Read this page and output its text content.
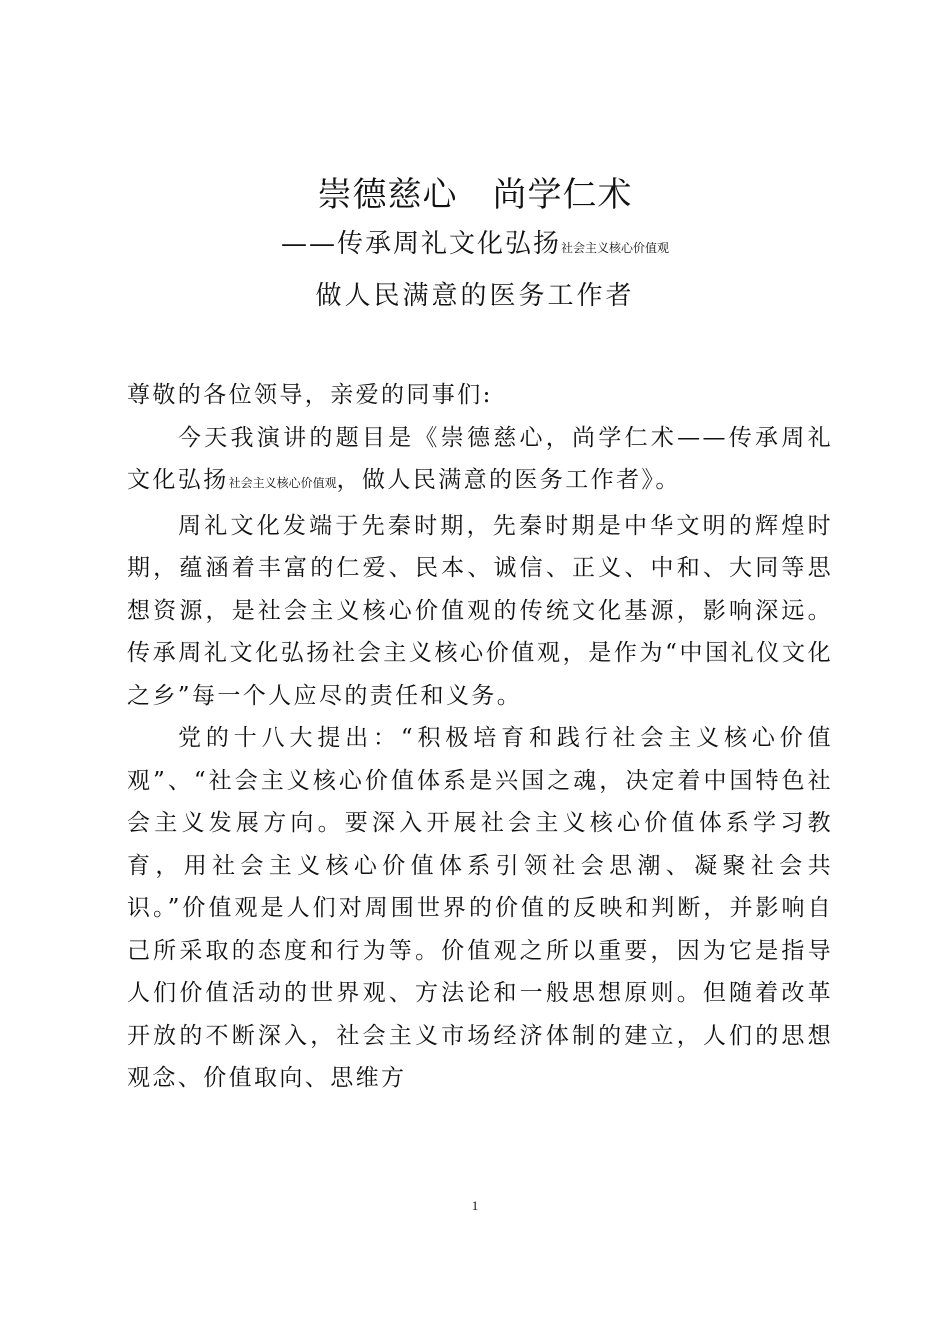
崇德慈心　尚学仁术
——传承周礼文化弘扬社会主义核心价值观
做人民满意的医务工作者

尊敬的各位领导，亲爱的同事们:

今天我演讲的题目是《崇德慈心，尚学仁术——传承周礼文化弘扬社会主义核心价值观，做人民满意的医务工作者》。

周礼文化发端于先秦时期，先秦时期是中华文明的辉煌时期，蕴涵着丰富的仁爱、民本、诚信、正义、中和、大同等思想资源，是社会主义核心价值观的传统文化基源，影响深远。传承周礼文化弘扬社会主义核心价值观，是作为“中国礼仪文化之乡”每一个人应尽的责任和义务。

党的十八大提出：“积极培育和践行社会主义核心价值观”、“社会主义核心价值体系是兴国之魂，决定着中国特色社会主义发展方向。要深入开展社会主义核心价值体系学习教育，用社会主义核心价值体系引领社会思潮、凝聚社会共识。”价值观是人们对周围世界的价值的反映和判断，并影响自己所采取的态度和行为等。价值观之所以重要，因为它是指导人们价值活动的世界观、方法论和一般思想原则。但随着改革开放的不断深入，社会主义市场经济体制的建立，人们的思想观念、价值取向、思维方

1
